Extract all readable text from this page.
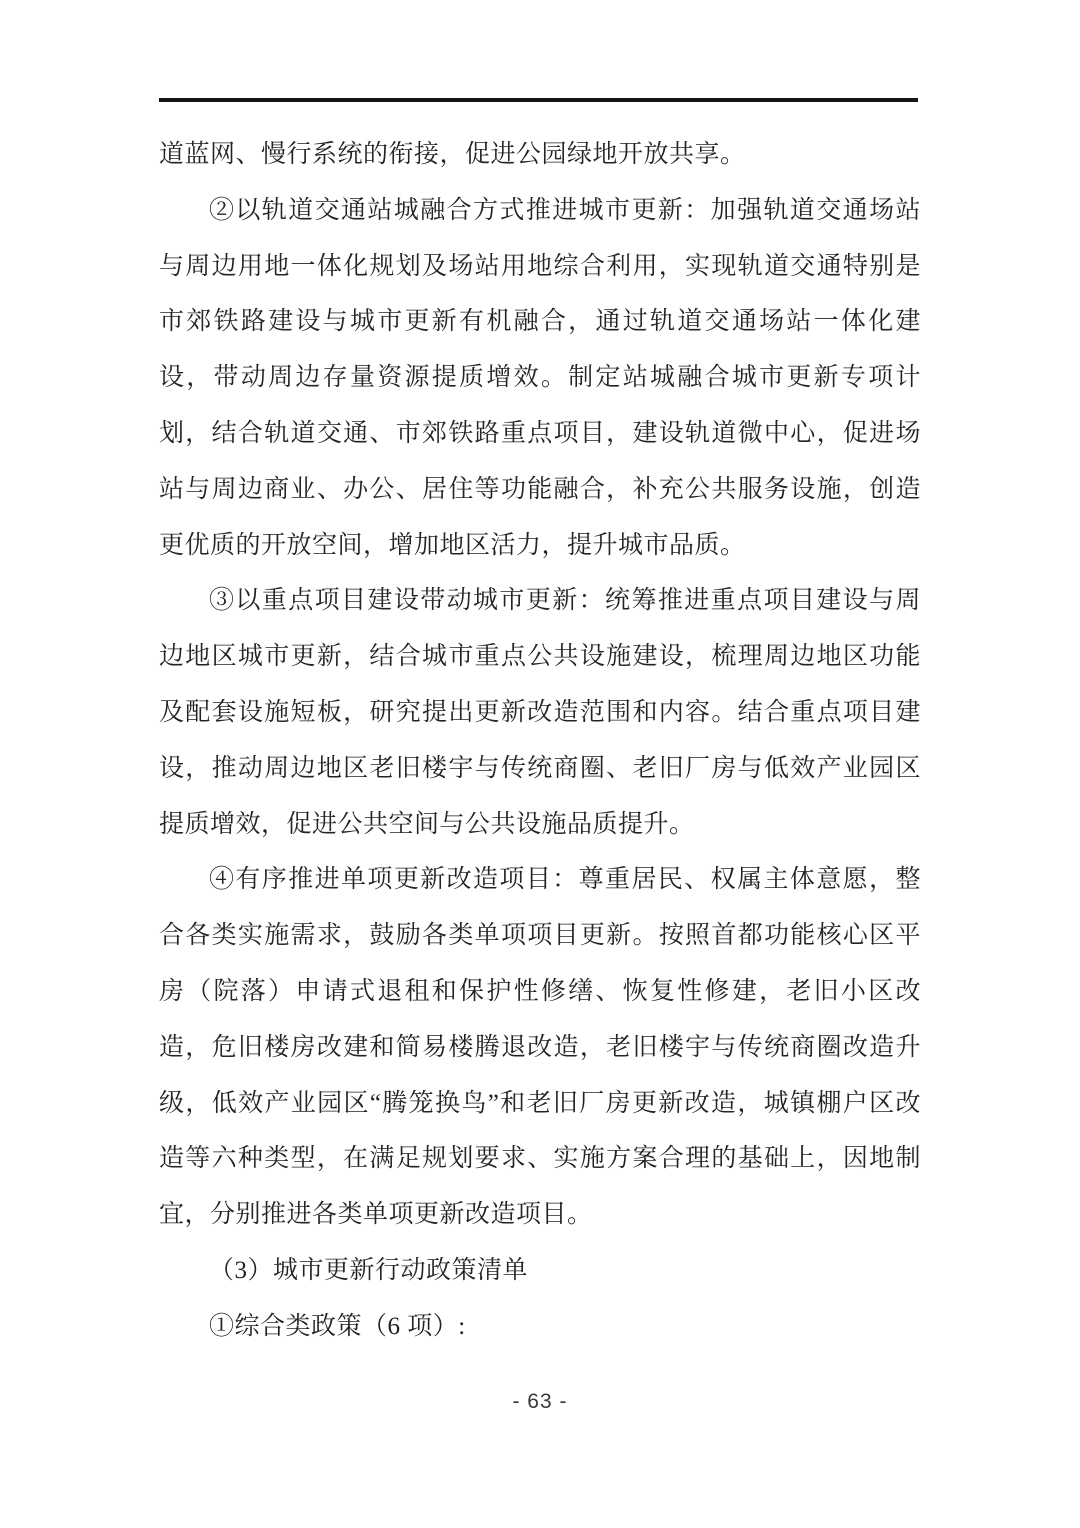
道蓝网、慢行系统的衔接，促进公园绿地开放共享。

②以轨道交通站城融合方式推进城市更新：加强轨道交通场站与周边用地一体化规划及场站用地综合利用，实现轨道交通特别是市郊铁路建设与城市更新有机融合，通过轨道交通场站一体化建设，带动周边存量资源提质增效。制定站城融合城市更新专项计划，结合轨道交通、市郊铁路重点项目，建设轨道微中心，促进场站与周边商业、办公、居住等功能融合，补充公共服务设施，创造更优质的开放空间，增加地区活力，提升城市品质。

③以重点项目建设带动城市更新：统筹推进重点项目建设与周边地区城市更新，结合城市重点公共设施建设，梳理周边地区功能及配套设施短板，研究提出更新改造范围和内容。结合重点项目建设，推动周边地区老旧楼宇与传统商圈、老旧厂房与低效产业园区提质增效，促进公共空间与公共设施品质提升。

④有序推进单项更新改造项目：尊重居民、权属主体意愿，整合各类实施需求，鼓励各类单项项目更新。按照首都功能核心区平房（院落）申请式退租和保护性修缮、恢复性修建，老旧小区改造，危旧楼房改建和简易楼腾退改造，老旧楼宇与传统商圈改造升级，低效产业园区“腾笼换鸟”和老旧厂房更新改造，城镇棚户区改造等六种类型，在满足规划要求、实施方案合理的基础上，因地制宜，分别推进各类单项更新改造项目。

（3）城市更新行动政策清单

①综合类政策（6 项）:

- 63 -
